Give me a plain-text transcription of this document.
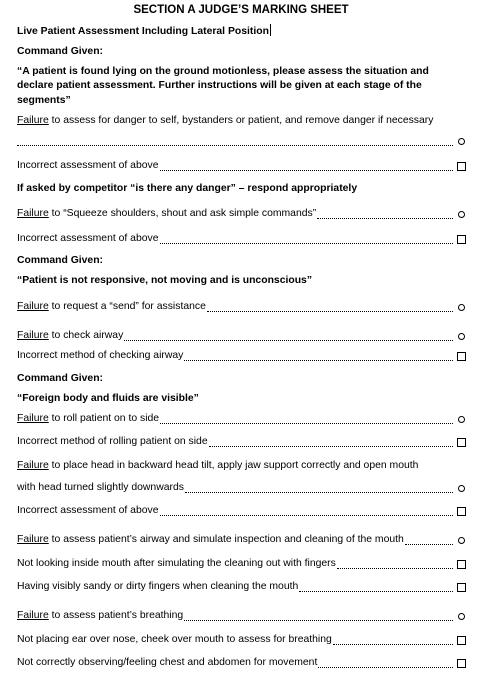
SECTION A JUDGE’S MARKING SHEET
Live Patient Assessment Including Lateral Position
Command Given:
“A patient is found lying on the ground motionless, please assess the situation and
declare patient assessment. Further instructions will be given at each stage of the
segments”
Failure to assess for danger to self, bystanders or patient, and remove danger if necessary
Incorrect assessment of above
If asked by competitor “is there any danger” – respond appropriately
Failure to “Squeeze shoulders, shout and ask simple commands”
Incorrect assessment of above
Command Given:
“Patient is not responsive, not moving and is unconscious”
Failure to request a “send” for assistance
Failure to check airway
Incorrect method of checking airway
Command Given:
“Foreign body and fluids are visible”
Failure to roll patient on to side
Incorrect method of rolling patient on side
Failure to place head in backward head tilt, apply jaw support correctly and open mouth
with head turned slightly downwards
Incorrect assessment of above
Failure to assess patient’s airway and simulate inspection and cleaning of the mouth
Not looking inside mouth after simulating the cleaning out with fingers
Having visibly sandy or dirty fingers when cleaning the mouth
Failure to assess patient’s breathing
Not placing ear over nose, cheek over mouth to assess for breathing
Not correctly observing/feeling chest and abdomen for movement
